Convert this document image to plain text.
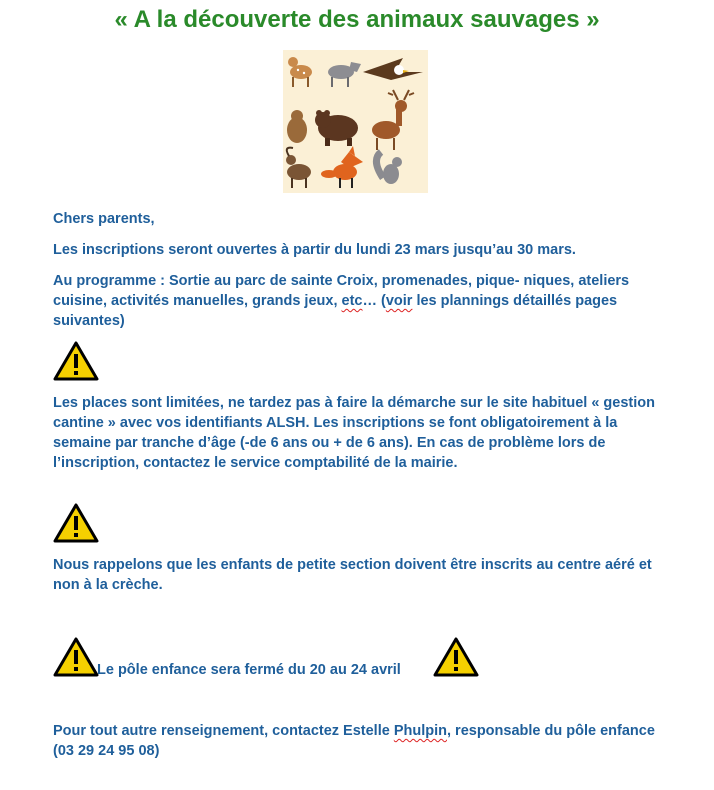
« A la découverte des animaux sauvages »

Chers parents,

Les inscriptions seront ouvertes à partir du lundi 23 mars jusqu’au 30 mars.

Au programme : Sortie au parc de sainte Croix, promenades, pique- niques, ateliers cuisine, activités manuelles, grands jeux, etc… (voir les plannings détaillés pages suivantes)

Les places sont limitées, ne tardez pas à faire la démarche sur le site habituel « gestion cantine » avec vos identifiants ALSH. Les inscriptions se font obligatoirement à la semaine par tranche d’âge (-de 6 ans ou + de 6 ans). En cas de problème lors de l’inscription, contactez le service comptabilité de la mairie.

Nous rappelons que les enfants de petite section doivent être inscrits au centre aéré et non à la crèche.

Le pôle enfance sera fermé du 20 au 24 avril

Pour tout autre renseignement, contactez Estelle Phulpin, responsable du pôle enfance (03 29 24 95 08)
